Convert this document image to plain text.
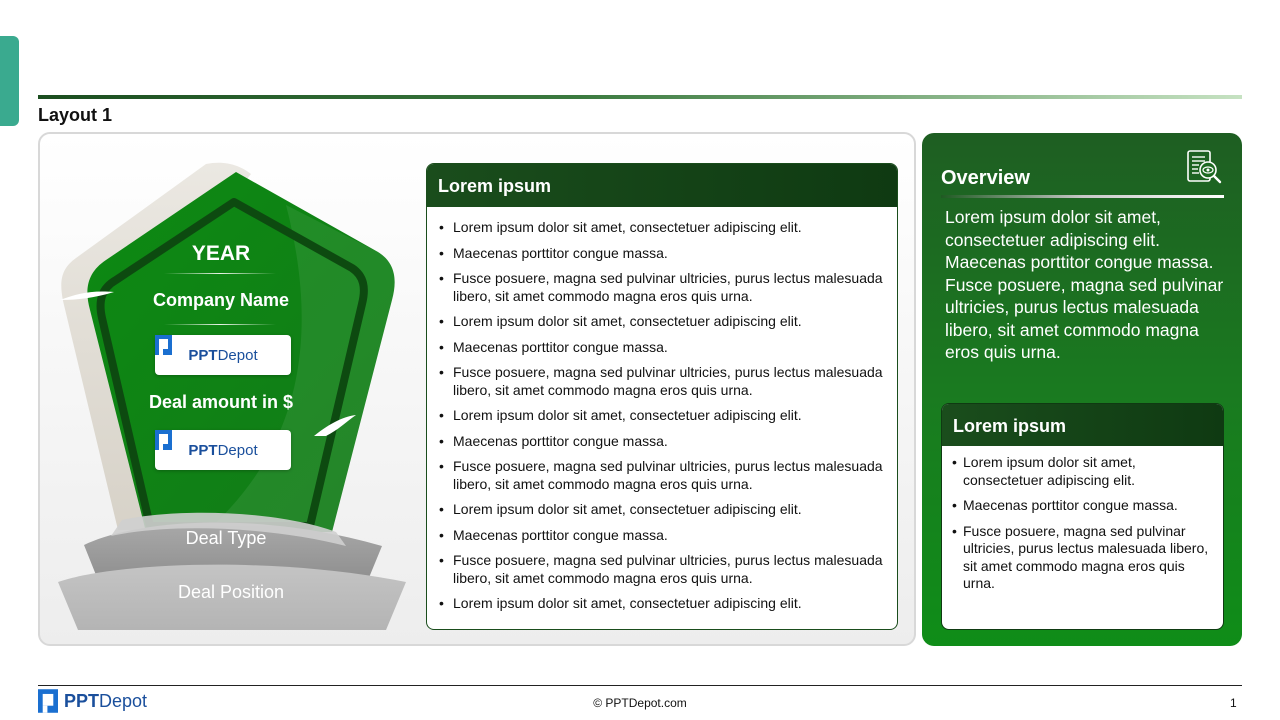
Layout 1
YEAR
Company Name
PPT Depot
Deal amount in $
PPT Depot
Deal Type
Deal Position
Lorem ipsum
• Lorem ipsum dolor sit amet, consectetuer adipiscing elit.
• Maecenas porttitor congue massa.
• Fusce posuere, magna sed pulvinar ultricies, purus lectus malesuada libero, sit amet commodo magna eros quis urna.
• Lorem ipsum dolor sit amet, consectetuer adipiscing elit.
• Maecenas porttitor congue massa.
• Fusce posuere, magna sed pulvinar ultricies, purus lectus malesuada libero, sit amet commodo magna eros quis urna.
• Lorem ipsum dolor sit amet, consectetuer adipiscing elit.
• Maecenas porttitor congue massa.
• Fusce posuere, magna sed pulvinar ultricies, purus lectus malesuada libero, sit amet commodo magna eros quis urna.
• Lorem ipsum dolor sit amet, consectetuer adipiscing elit.
• Maecenas porttitor congue massa.
• Fusce posuere, magna sed pulvinar ultricies, purus lectus malesuada libero, sit amet commodo magna eros quis urna.
• Lorem ipsum dolor sit amet, consectetuer adipiscing elit.
Overview
Lorem ipsum dolor sit amet, consectetuer adipiscing elit. Maecenas porttitor congue massa. Fusce posuere, magna sed pulvinar ultricies, purus lectus malesuada libero, sit amet commodo magna eros quis urna.
Lorem ipsum
• Lorem ipsum dolor sit amet, consectetuer adipiscing elit.
• Maecenas porttitor congue massa.
• Fusce posuere, magna sed pulvinar ultricies, purus lectus malesuada libero, sit amet commodo magna eros quis urna.
PPT Depot	© PPTDepot.com	1
